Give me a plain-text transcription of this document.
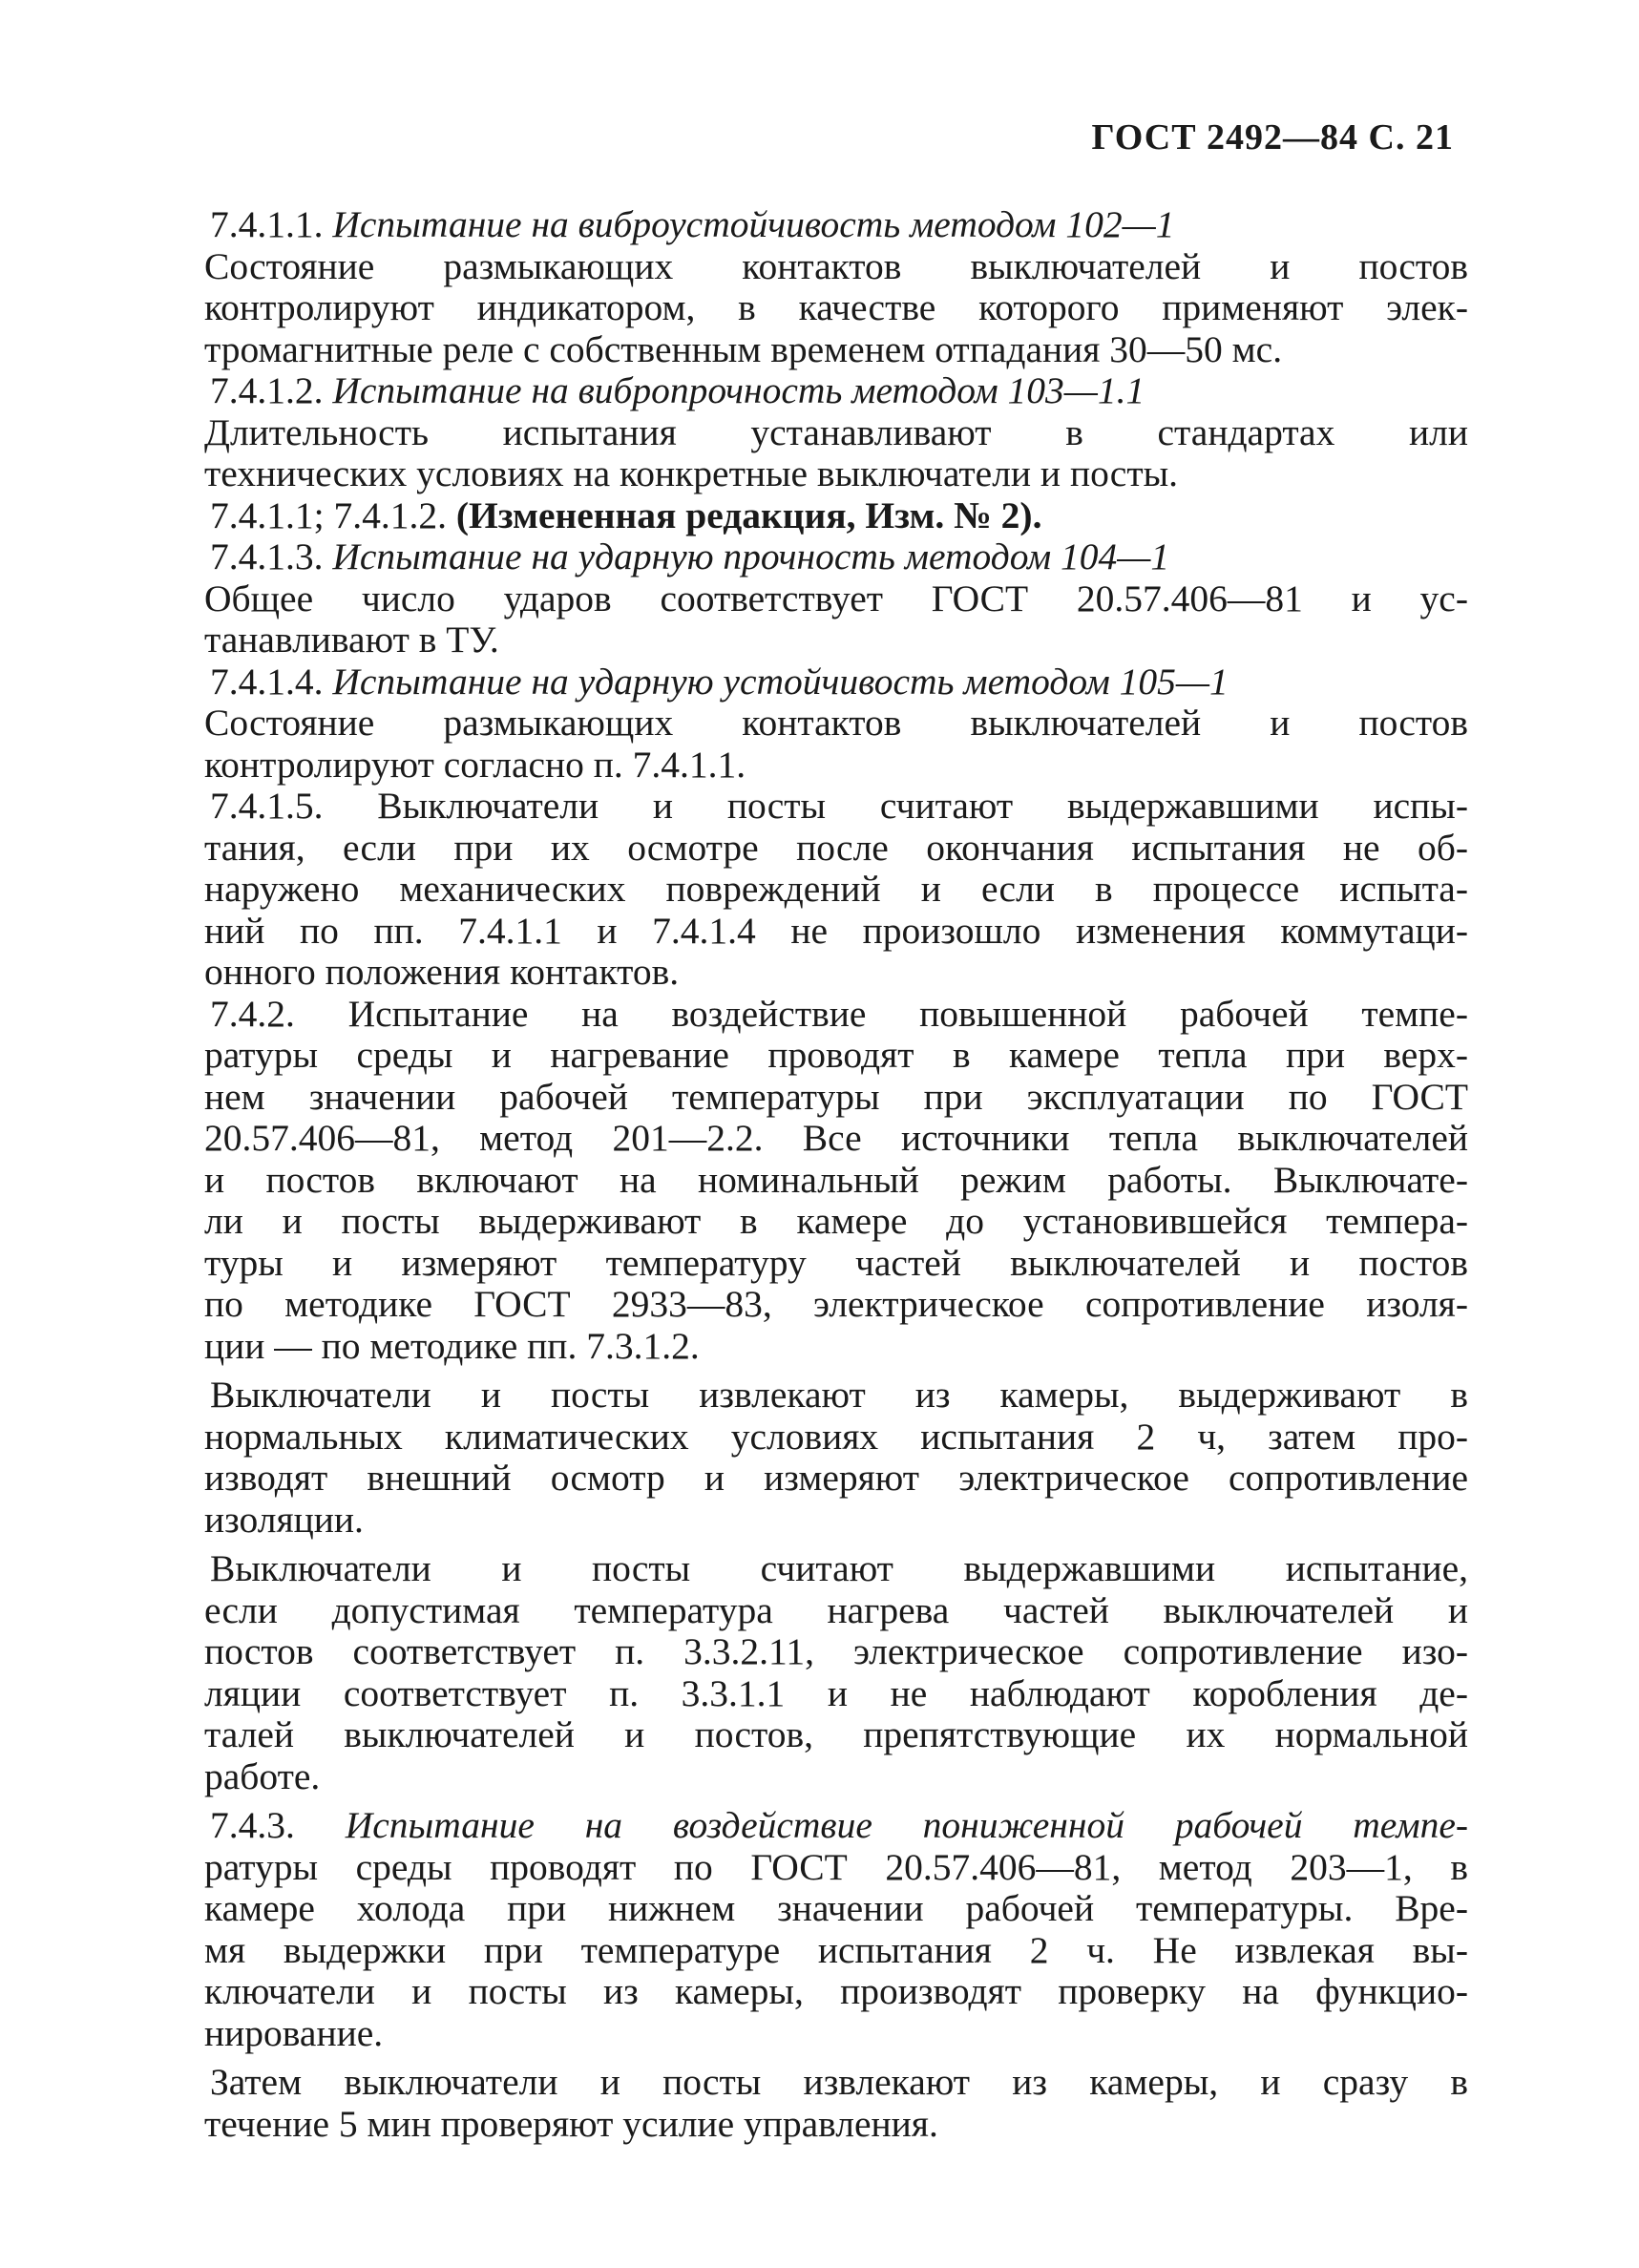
ГОСТ 2492—84 С. 21
7.4.1.1. Испытание на виброустойчивость методом 102—1
Состояние размыкающих контактов выключателей и постов
контролируют индикатором, в качестве которого применяют элек-
тромагнитные реле с собственным временем отпадания 30—50 мс.
7.4.1.2. Испытание на вибропрочность методом 103—1.1
Длительность испытания устанавливают в стандартах или
технических условиях на конкретные выключатели и посты.
7.4.1.1; 7.4.1.2. (Измененная редакция, Изм. № 2).
7.4.1.3. Испытание на ударную прочность методом 104—1
Общее число ударов соответствует ГОСТ 20.57.406—81 и ус-
танавливают в ТУ.
7.4.1.4. Испытание на ударную устойчивость методом 105—1
Состояние размыкающих контактов выключателей и постов
контролируют согласно п. 7.4.1.1.
7.4.1.5. Выключатели и посты считают выдержавшими испы-
тания, если при их осмотре после окончания испытания не об-
наружено механических повреждений и если в процессе испыта-
ний по пп. 7.4.1.1 и 7.4.1.4 не произошло изменения коммутаци-
онного положения контактов.
7.4.2. Испытание на воздействие повышенной рабочей темпе-
ратуры среды и нагревание проводят в камере тепла при верх-
нем значении рабочей температуры при эксплуатации по ГОСТ
20.57.406—81, метод 201—2.2. Все источники тепла выключателей
и постов включают на номинальный режим работы. Выключате-
ли и посты выдерживают в камере до установившейся темпера-
туры и измеряют температуру частей выключателей и постов
по методике ГОСТ 2933—83, электрическое сопротивление изоля-
ции — по методике пп. 7.3.1.2.
Выключатели и посты извлекают из камеры, выдерживают в
нормальных климатических условиях испытания 2 ч, затем про-
изводят внешний осмотр и измеряют электрическое сопротивление
изоляции.
Выключатели и посты считают выдержавшими испытание,
если допустимая температура нагрева частей выключателей и
постов соответствует п. 3.3.2.11, электрическое сопротивление изо-
ляции соответствует п. 3.3.1.1 и не наблюдают коробления де-
талей выключателей и постов, препятствующие их нормальной
работе.
7.4.3. Испытание на воздействие пониженной рабочей темпе-
ратуры среды проводят по ГОСТ 20.57.406—81, метод 203—1, в
камере холода при нижнем значении рабочей температуры. Вре-
мя выдержки при температуре испытания 2 ч. Не извлекая вы-
ключатели и посты из камеры, производят проверку на функцио-
нирование.
Затем выключатели и посты извлекают из камеры, и сразу в
течение 5 мин проверяют усилие управления.
